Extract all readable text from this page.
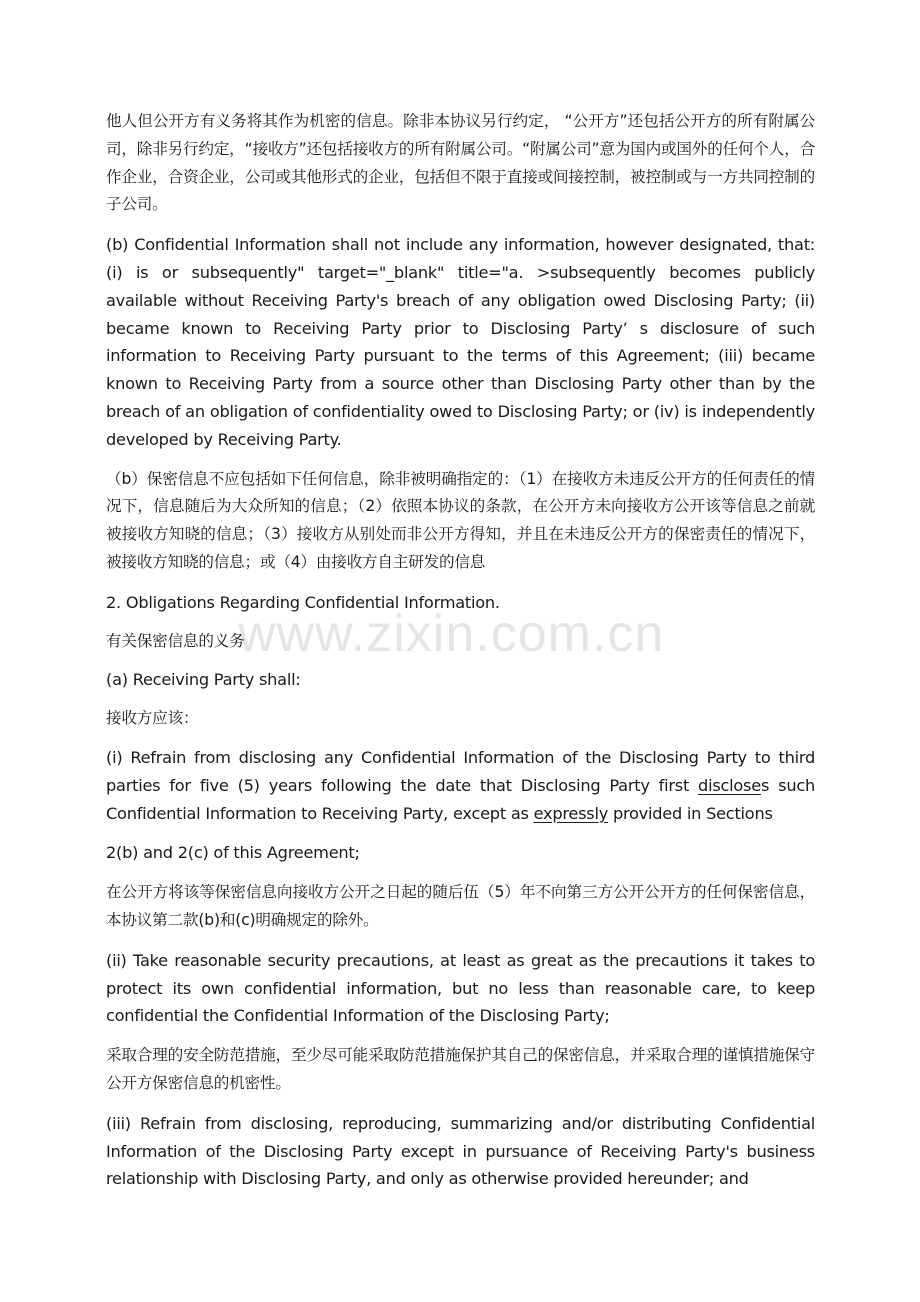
他人但公开方有义务将其作为机密的信息。除非本协议另行约定， “公开方”还包括公开方的所有附属公司，除非另行约定，“接收方”还包括接收方的所有附属公司。“附属公司”意为国内或国外的任何个人，合作企业，合资企业，公司或其他形式的企业，包括但不限于直接或间接控制，被控制或与一方共同控制的子公司。

(b) Confidential Information shall not include any information, however designated, that: (i) is or subsequently" target="_blank" title="a. >subsequently becomes publicly available without Receiving Party's breach of any obligation owed Disclosing Party; (ii) became known to Receiving Party prior to Disclosing Party’ s disclosure of such information to Receiving Party pursuant to the terms of this Agreement; (iii) became known to Receiving Party from a source other than Disclosing Party other than by the breach of an obligation of confidentiality owed to Disclosing Party; or (iv) is independently developed by Receiving Party.

（b）保密信息不应包括如下任何信息，除非被明确指定的：（1）在接收方未违反公开方的任何责任的情况下，信息随后为大众所知的信息；（2）依照本协议的条款，在公开方未向接收方公开该等信息之前就被接收方知晓的信息；（3）接收方从别处而非公开方得知，并且在未违反公开方的保密责任的情况下，被接收方知晓的信息；或（4）由接收方自主研发的信息

2. Obligations Regarding Confidential Information.

有关保密信息的义务

(a) Receiving Party shall:

接收方应该：

(i) Refrain from disclosing any Confidential Information of the Disclosing Party to third parties for five (5) years following the date that Disclosing Party first discloses such Confidential Information to Receiving Party, except as expressly provided in Sections

2(b) and 2(c) of this Agreement;

在公开方将该等保密信息向接收方公开之日起的随后伍（5）年不向第三方公开公开方的任何保密信息，本协议第二款(b)和(c)明确规定的除外。

(ii) Take reasonable security precautions, at least as great as the precautions it takes to protect its own confidential information, but no less than reasonable care, to keep confidential the Confidential Information of the Disclosing Party;

采取合理的安全防范措施，至少尽可能采取防范措施保护其自己的保密信息，并采取合理的谨慎措施保守公开方保密信息的机密性。

(iii) Refrain from disclosing, reproducing, summarizing and/or distributing Confidential Information of the Disclosing Party except in pursuance of Receiving Party's business relationship with Disclosing Party, and only as otherwise provided hereunder; and

www.zixin.com.cn
